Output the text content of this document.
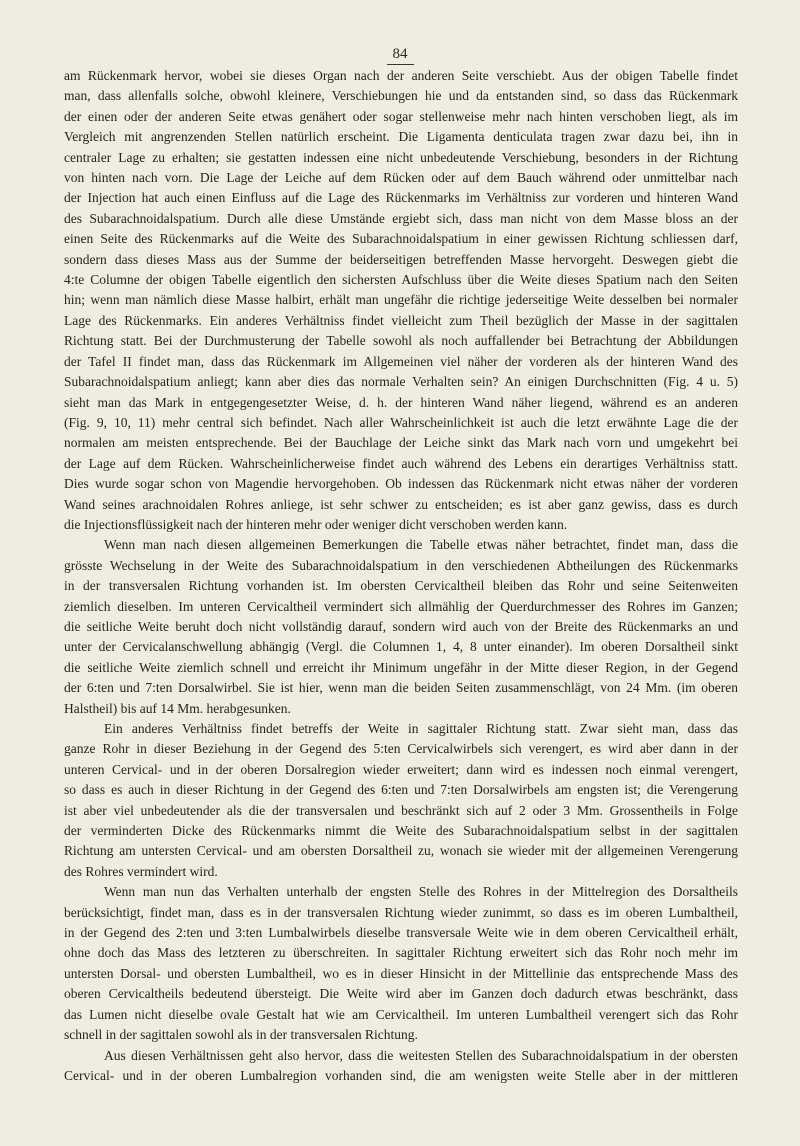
84
am Rückenmark hervor, wobei sie dieses Organ nach der anderen Seite verschiebt. Aus der obigen Tabelle findet
man, dass allenfalls solche, obwohl kleinere, Verschiebungen hie und da entstanden sind, so dass das Rückenmark
der einen oder der anderen Seite etwas genähert oder sogar stellenweise mehr nach hinten verschoben liegt, als im
Vergleich mit angrenzenden Stellen natürlich erscheint. Die Ligamenta denticulata tragen zwar dazu bei, ihn in
centraler Lage zu erhalten; sie gestatten indessen eine nicht unbedeutende Verschiebung, besonders in der Richtung
von hinten nach vorn. Die Lage der Leiche auf dem Rücken oder auf dem Bauch während oder unmittelbar nach
der Injection hat auch einen Einfluss auf die Lage des Rückenmarks im Verhältniss zur vorderen und hinteren Wand
des Subarachnoidalspatium. Durch alle diese Umstände ergiebt sich, dass man nicht von dem Masse bloss an der
einen Seite des Rückenmarks auf die Weite des Subarachnoidalspatium in einer gewissen Richtung schliessen darf,
sondern dass dieses Mass aus der Summe der beiderseitigen betreffenden Masse hervorgeht. Deswegen giebt die
4:te Columne der obigen Tabelle eigentlich den sichersten Aufschluss über die Weite dieses Spatium nach den Seiten
hin; wenn man nämlich diese Masse halbirt, erhält man ungefähr die richtige jederseitige Weite desselben bei normaler
Lage des Rückenmarks. Ein anderes Verhältniss findet vielleicht zum Theil bezüglich der Masse in der sagittalen
Richtung statt. Bei der Durchmusterung der Tabelle sowohl als noch auffallender bei Betrachtung der Abbildungen
der Tafel II findet man, dass das Rückenmark im Allgemeinen viel näher der vorderen als der hinteren Wand des
Subarachnoidalspatium anliegt; kann aber dies das normale Verhalten sein? An einigen Durchschnitten (Fig. 4 u. 5)
sieht man das Mark in entgegengesetzter Weise, d. h. der hinteren Wand näher liegend, während es an anderen
(Fig. 9, 10, 11) mehr central sich befindet. Nach aller Wahrscheinlichkeit ist auch die letzt erwähnte Lage die der
normalen am meisten entsprechende. Bei der Bauchlage der Leiche sinkt das Mark nach vorn und umgekehrt bei
der Lage auf dem Rücken. Wahrscheinlicherweise findet auch während des Lebens ein derartiges Verhältniss statt.
Dies wurde sogar schon von Magendie hervorgehoben. Ob indessen das Rückenmark nicht etwas näher der vorderen
Wand seines arachnoidalen Rohres anliege, ist sehr schwer zu entscheiden; es ist aber ganz gewiss, dass es durch
die Injectionsflüssigkeit nach der hinteren mehr oder weniger dicht verschoben werden kann.
Wenn man nach diesen allgemeinen Bemerkungen die Tabelle etwas näher betrachtet, findet man, dass die
grösste Wechselung in der Weite des Subarachnoidalspatium in den verschiedenen Abtheilungen des Rückenmarks
in der transversalen Richtung vorhanden ist. Im obersten Cervicaltheil bleiben das Rohr und seine Seitenweiten
ziemlich dieselben. Im unteren Cervicaltheil vermindert sich allmählig der Querdurchmesser des Rohres im Ganzen;
die seitliche Weite beruht doch nicht vollständig darauf, sondern wird auch von der Breite des Rückenmarks an und
unter der Cervicalanschwellung abhängig (Vergl. die Columnen 1, 4, 8 unter einander). Im oberen Dorsaltheil sinkt
die seitliche Weite ziemlich schnell und erreicht ihr Minimum ungefähr in der Mitte dieser Region, in der Gegend
der 6:ten und 7:ten Dorsalwirbel. Sie ist hier, wenn man die beiden Seiten zusammenschlägt, von 24 Mm. (im oberen
Halstheil) bis auf 14 Mm. herabgesunken.
Ein anderes Verhältniss findet betreffs der Weite in sagittaler Richtung statt. Zwar sieht man, dass das
ganze Rohr in dieser Beziehung in der Gegend des 5:ten Cervicalwirbels sich verengert, es wird aber dann in der
unteren Cervical- und in der oberen Dorsalregion wieder erweitert; dann wird es indessen noch einmal verengert,
so dass es auch in dieser Richtung in der Gegend des 6:ten und 7:ten Dorsalwirbels am engsten ist; die Verengerung
ist aber viel unbedeutender als die der transversalen und beschränkt sich auf 2 oder 3 Mm. Grossentheils in Folge
der verminderten Dicke des Rückenmarks nimmt die Weite des Subarachnoidalspatium selbst in der sagittalen
Richtung am untersten Cervical- und am obersten Dorsaltheil zu, wonach sie wieder mit der allgemeinen Verengerung
des Rohres vermindert wird.
Wenn man nun das Verhalten unterhalb der engsten Stelle des Rohres in der Mittelregion des Dorsaltheils
berücksichtigt, findet man, dass es in der transversalen Richtung wieder zunimmt, so dass es im oberen Lumbaltheil,
in der Gegend des 2:ten und 3:ten Lumbalwirbels dieselbe transversale Weite wie in dem oberen Cervicaltheil erhält,
ohne doch das Mass des letzteren zu überschreiten. In sagittaler Richtung erweitert sich das Rohr noch mehr im
untersten Dorsal- und obersten Lumbaltheil, wo es in dieser Hinsicht in der Mittellinie das entsprechende Mass des
oberen Cervicaltheils bedeutend übersteigt. Die Weite wird aber im Ganzen doch dadurch etwas beschränkt, dass
das Lumen nicht dieselbe ovale Gestalt hat wie am Cervicaltheil. Im unteren Lumbaltheil verengert sich das Rohr
schnell in der sagittalen sowohl als in der transversalen Richtung.
Aus diesen Verhältnissen geht also hervor, dass die weitesten Stellen des Subarachnoidalspatium in der obersten
Cervical- und in der oberen Lumbalregion vorhanden sind, die am wenigsten weite Stelle aber in der mittleren
